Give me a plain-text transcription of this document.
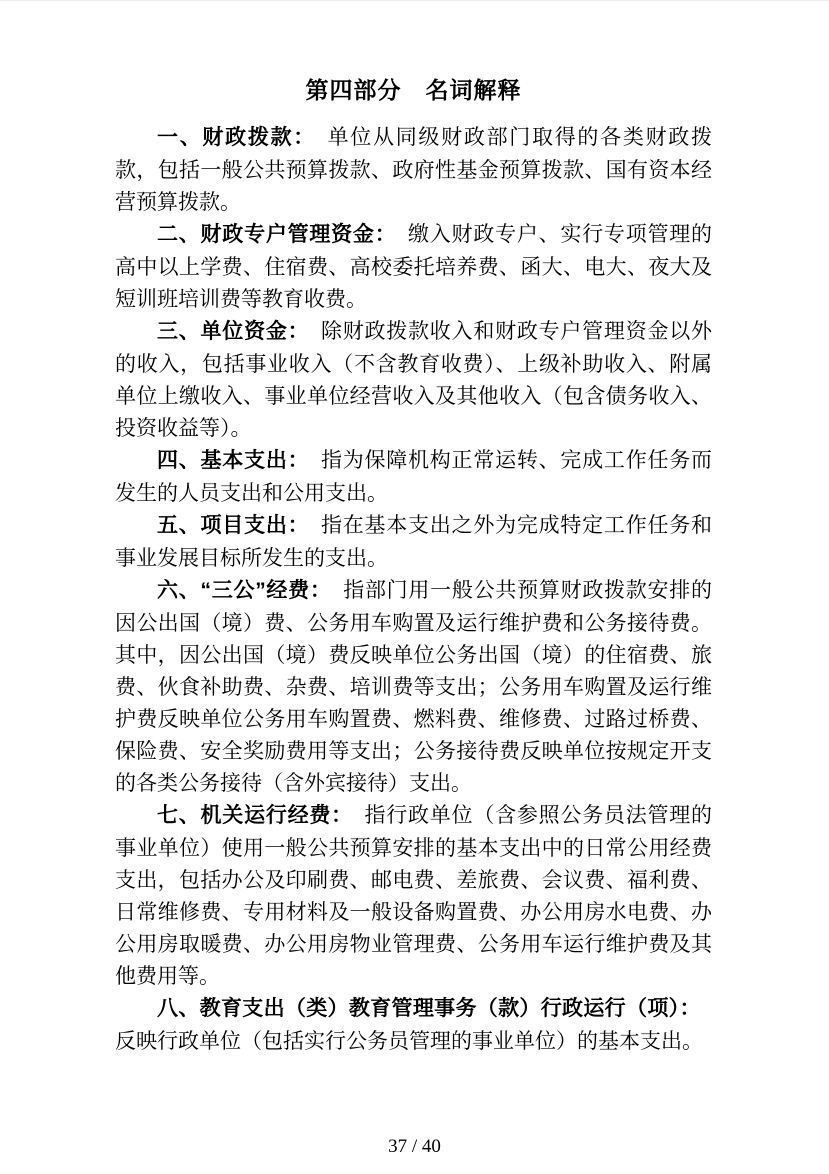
第四部分　名词解释

一、财政拨款： 单位从同级财政部门取得的各类财政拨款，包括一般公共预算拨款、政府性基金预算拨款、国有资本经营预算拨款。

二、财政专户管理资金： 缴入财政专户、实行专项管理的高中以上学费、住宿费、高校委托培养费、函大、电大、夜大及短训班培训费等教育收费。

三、单位资金： 除财政拨款收入和财政专户管理资金以外的收入，包括事业收入（不含教育收费）、上级补助收入、附属单位上缴收入、事业单位经营收入及其他收入（包含债务收入、投资收益等）。

四、基本支出： 指为保障机构正常运转、完成工作任务而发生的人员支出和公用支出。

五、项目支出： 指在基本支出之外为完成特定工作任务和事业发展目标所发生的支出。

六、“三公”经费： 指部门用一般公共预算财政拨款安排的因公出国（境）费、公务用车购置及运行维护费和公务接待费。其中，因公出国（境）费反映单位公务出国（境）的住宿费、旅费、伙食补助费、杂费、培训费等支出；公务用车购置及运行维护费反映单位公务用车购置费、燃料费、维修费、过路过桥费、保险费、安全奖励费用等支出；公务接待费反映单位按规定开支的各类公务接待（含外宾接待）支出。

七、机关运行经费： 指行政单位（含参照公务员法管理的事业单位）使用一般公共预算安排的基本支出中的日常公用经费支出，包括办公及印刷费、邮电费、差旅费、会议费、福利费、日常维修费、专用材料及一般设备购置费、办公用房水电费、办公用房取暖费、办公用房物业管理费、公务用车运行维护费及其他费用等。

八、教育支出（类）教育管理事务（款）行政运行（项）：反映行政单位（包括实行公务员管理的事业单位）的基本支出。

37 / 40
